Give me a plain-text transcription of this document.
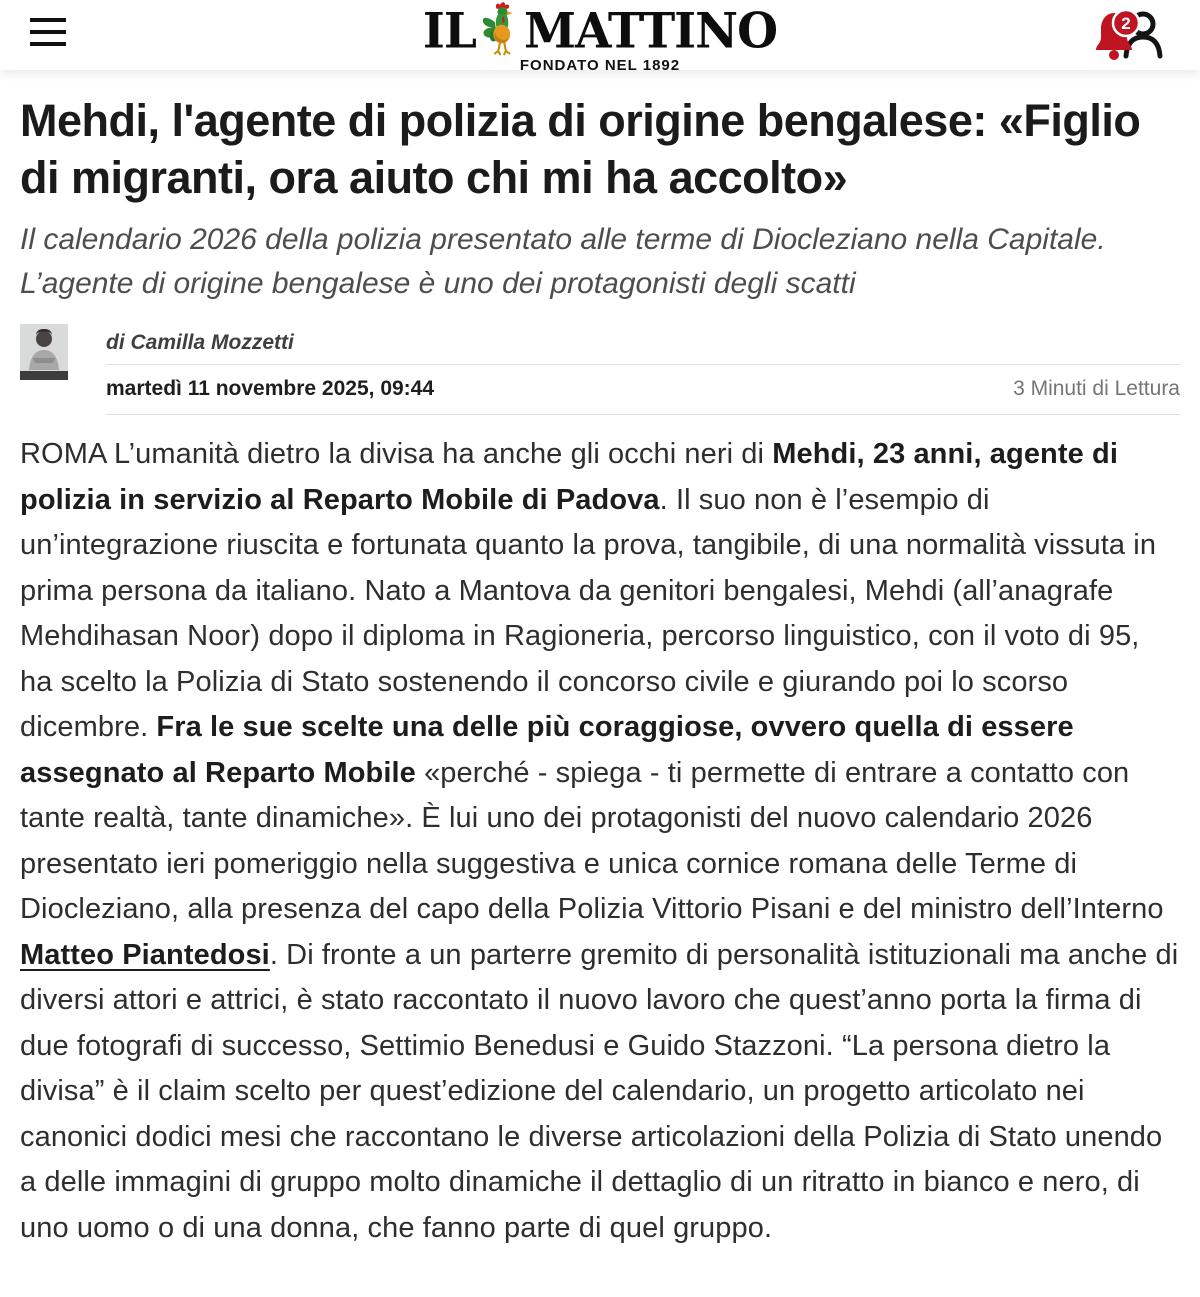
IL MATTINO
FONDATO NEL 1892
2
Mehdi, l'agente di polizia di origine bengalese: «Figlio di migranti, ora aiuto chi mi ha accolto»
Il calendario 2026 della polizia presentato alle terme di Diocleziano nella Capitale. L’agente di origine bengalese è uno dei protagonisti degli scatti
di Camilla Mozzetti
martedì 11 novembre 2025, 09:44	3 Minuti di Lettura

ROMA L’umanità dietro la divisa ha anche gli occhi neri di Mehdi, 23 anni, agente di polizia in servizio al Reparto Mobile di Padova. Il suo non è l’esempio di un’integrazione riuscita e fortunata quanto la prova, tangibile, di una normalità vissuta in prima persona da italiano. Nato a Mantova da genitori bengalesi, Mehdi (all’anagrafe Mehdihasan Noor) dopo il diploma in Ragioneria, percorso linguistico, con il voto di 95, ha scelto la Polizia di Stato sostenendo il concorso civile e giurando poi lo scorso dicembre. Fra le sue scelte una delle più coraggiose, ovvero quella di essere assegnato al Reparto Mobile «perché - spiega - ti permette di entrare a contatto con tante realtà, tante dinamiche». È lui uno dei protagonisti del nuovo calendario 2026 presentato ieri pomeriggio nella suggestiva e unica cornice romana delle Terme di Diocleziano, alla presenza del capo della Polizia Vittorio Pisani e del ministro dell’Interno Matteo Piantedosi. Di fronte a un parterre gremito di personalità istituzionali ma anche di diversi attori e attrici, è stato raccontato il nuovo lavoro che quest’anno porta la firma di due fotografi di successo, Settimio Benedusi e Guido Stazzoni. “La persona dietro la divisa” è il claim scelto per quest’edizione del calendario, un progetto articolato nei canonici dodici mesi che raccontano le diverse articolazioni della Polizia di Stato unendo a delle immagini di gruppo molto dinamiche il dettaglio di un ritratto in bianco e nero, di uno uomo o di una donna, che fanno parte di quel gruppo.
